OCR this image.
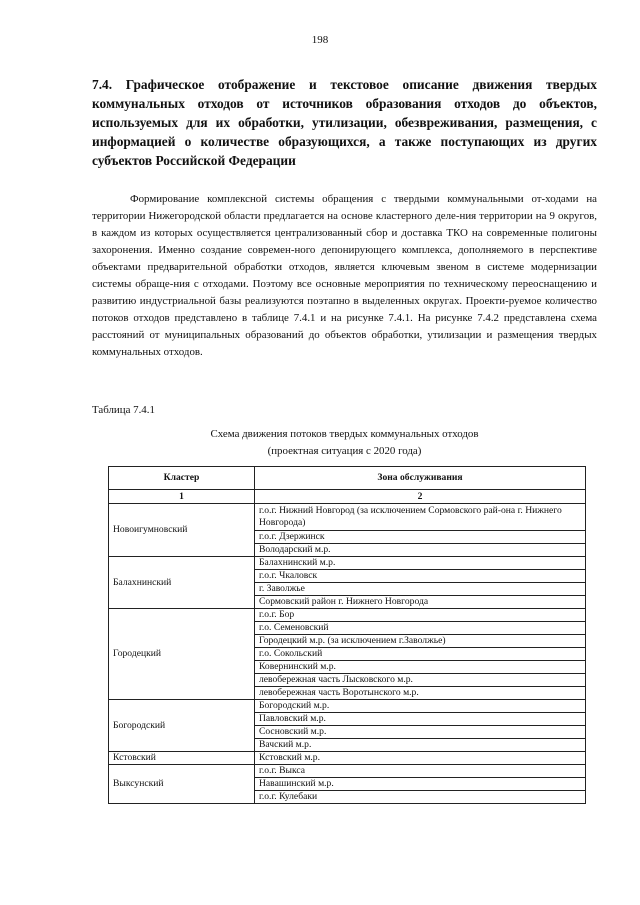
198
7.4. Графическое отображение и текстовое описание движения твердых коммунальных отходов от источников образования отходов до объектов, используемых для их обработки, утилизации, обезвреживания, размещения, с информацией о количестве образующихся, а также поступающих из других субъектов Российской Федерации

Формирование комплексной системы обращения с твердыми коммунальными от-ходами на территории Нижегородской области предлагается на основе кластерного деле-ния территории на 9 округов, в каждом из которых осуществляется централизованный сбор и доставка ТКО на современные полигоны захоронения. Именно создание современ-ного депонирующего комплекса, дополняемого в перспективе объектами предварительной обработки отходов, является ключевым звеном в системе модернизации системы обраще-ния с отходами. Поэтому все основные мероприятия по техническому переоснащению и развитию индустриальной базы реализуются поэтапно в выделенных округах. Проекти-руемое количество потоков отходов представлено в таблице 7.4.1 и на рисунке 7.4.1. На рисунке 7.4.2 представлена схема расстояний от муниципальных образований до объектов обработки, утилизации и размещения твердых коммунальных отходов.

Таблица 7.4.1
Схема движения потоков твердых коммунальных отходов
(проектная ситуация с 2020 года)
Кластер	Зона обслуживания
1	2
Новоигумновский	г.о.г. Нижний Новгород (за исключением Сормовского рай-она г. Нижнего Новгорода)
	г.о.г. Дзержинск
	Володарский м.р.
Балахнинский	Балахнинский м.р.
	г.о.г. Чкаловск
	г. Заволжье
	Сормовский район г. Нижнего Новгорода
Городецкий	г.о.г. Бор
	г.о. Семеновский
	Городецкий м.р. (за исключением г.Заволжье)
	г.о. Сокольский
	Ковернинский м.р.
	левобережная часть Лысковского м.р.
	левобережная часть Воротынского м.р.
Богородский	Богородский м.р.
	Павловский м.р.
	Сосновский м.р.
	Вачский м.р.
Кстовский	Кстовский м.р.
Выксунский	г.о.г. Выкса
	Навашинский м.р.
	г.о.г. Кулебаки
